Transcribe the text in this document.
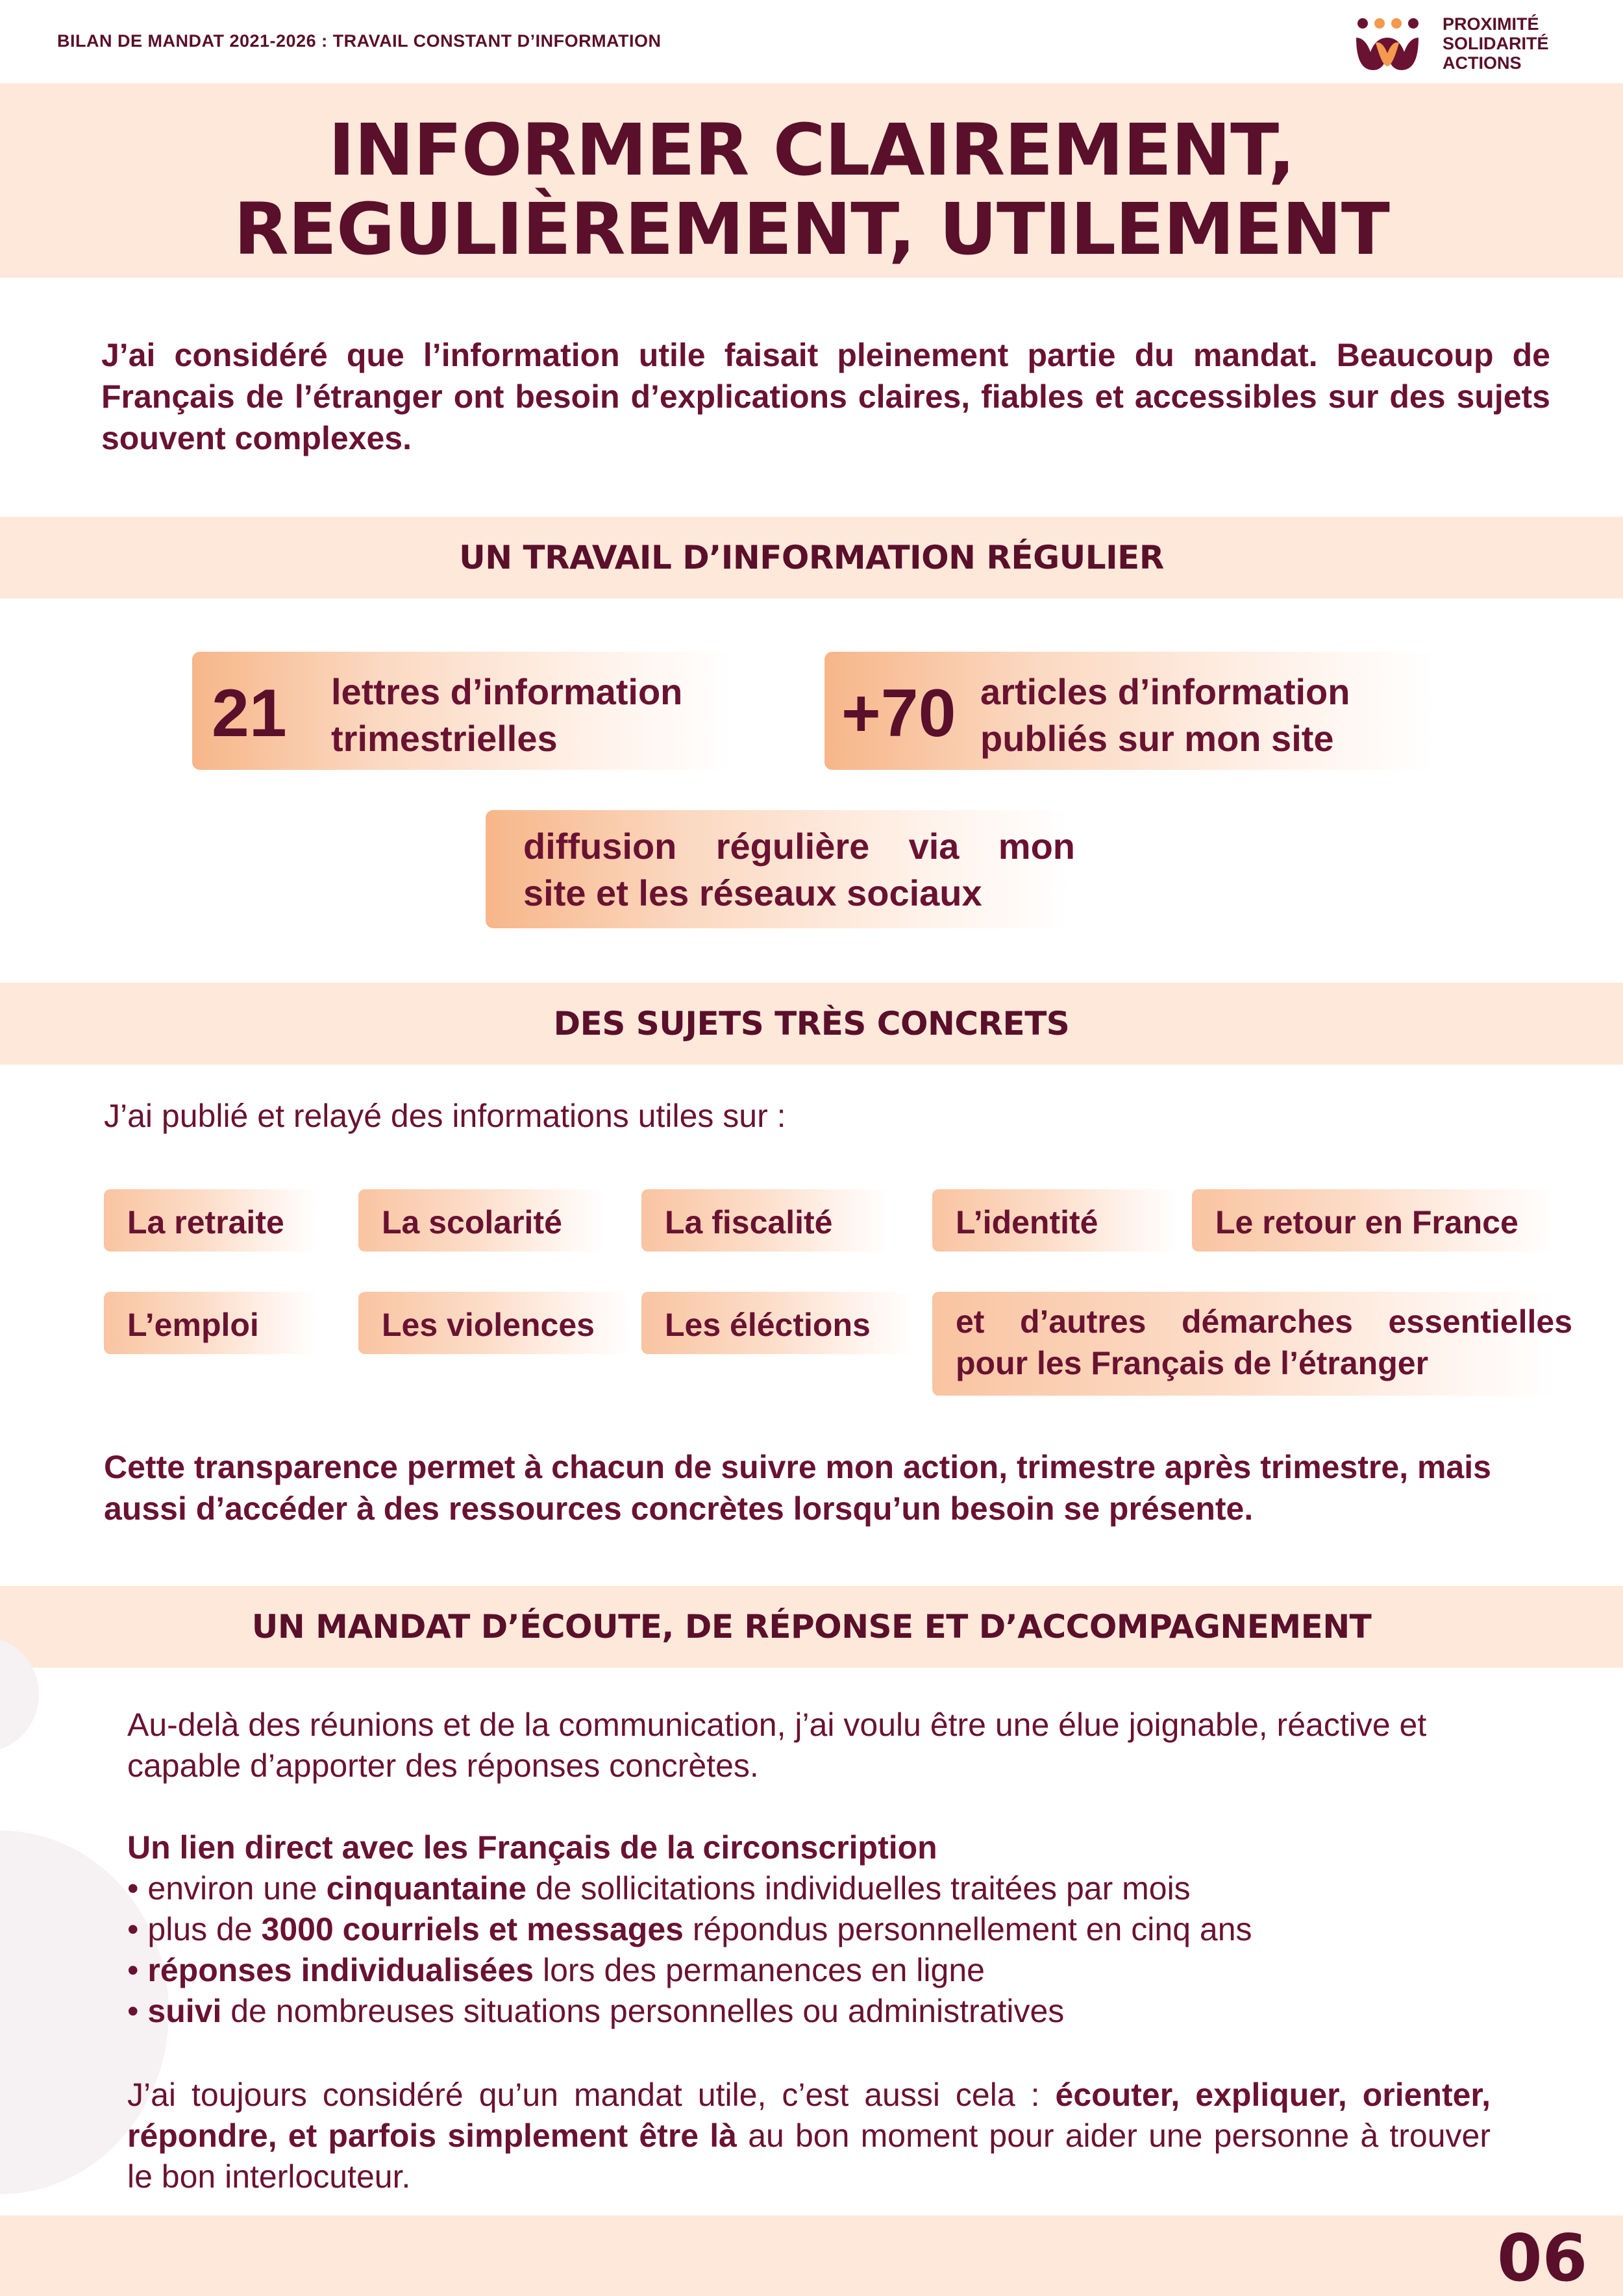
BILAN DE MANDAT 2021-2026 : TRAVAIL CONSTANT D’INFORMATION
PROXIMITÉ
SOLIDARITÉ
ACTIONS
INFORMER CLAIREMENT,
REGULIÈREMENT, UTILEMENT
J’ai considéré que l’information utile faisait pleinement partie du mandat. Beaucoup de Français de l’étranger ont besoin d’explications claires, fiables et accessibles sur des sujets souvent complexes.
UN TRAVAIL D’INFORMATION RÉGULIER
21 lettres d’information
trimestrielles	+70 articles d’information
publiés sur mon site
diffusion régulière via mon
site et les réseaux sociaux
DES SUJETS TRÈS CONCRETS
J’ai publié et relayé des informations utiles sur :
La retraite	La scolarité	La fiscalité	L’identité	Le retour en France
L’emploi	Les violences Les éléctions	et d’autres démarches essentielles pour les Français de l’étranger
Cette transparence permet à chacun de suivre mon action, trimestre après trimestre, mais aussi d’accéder à des ressources concrètes lorsqu’un besoin se présente.
UN MANDAT D’ÉCOUTE, DE RÉPONSE ET D’ACCOMPAGNEMENT
Au-delà des réunions et de la communication, j’ai voulu être une élue joignable, réactive et capable d’apporter des réponses concrètes.
Un lien direct avec les Français de la circonscription
• environ une cinquantaine de sollicitations individuelles traitées par mois
• plus de 3000 courriels et messages répondus personnellement en cinq ans
• réponses individualisées lors des permanences en ligne
• suivi de nombreuses situations personnelles ou administratives
J’ai toujours considéré qu’un mandat utile, c’est aussi cela : écouter, expliquer, orienter, répondre, et parfois simplement être là au bon moment pour aider une personne à trouver le bon interlocuteur.
06
